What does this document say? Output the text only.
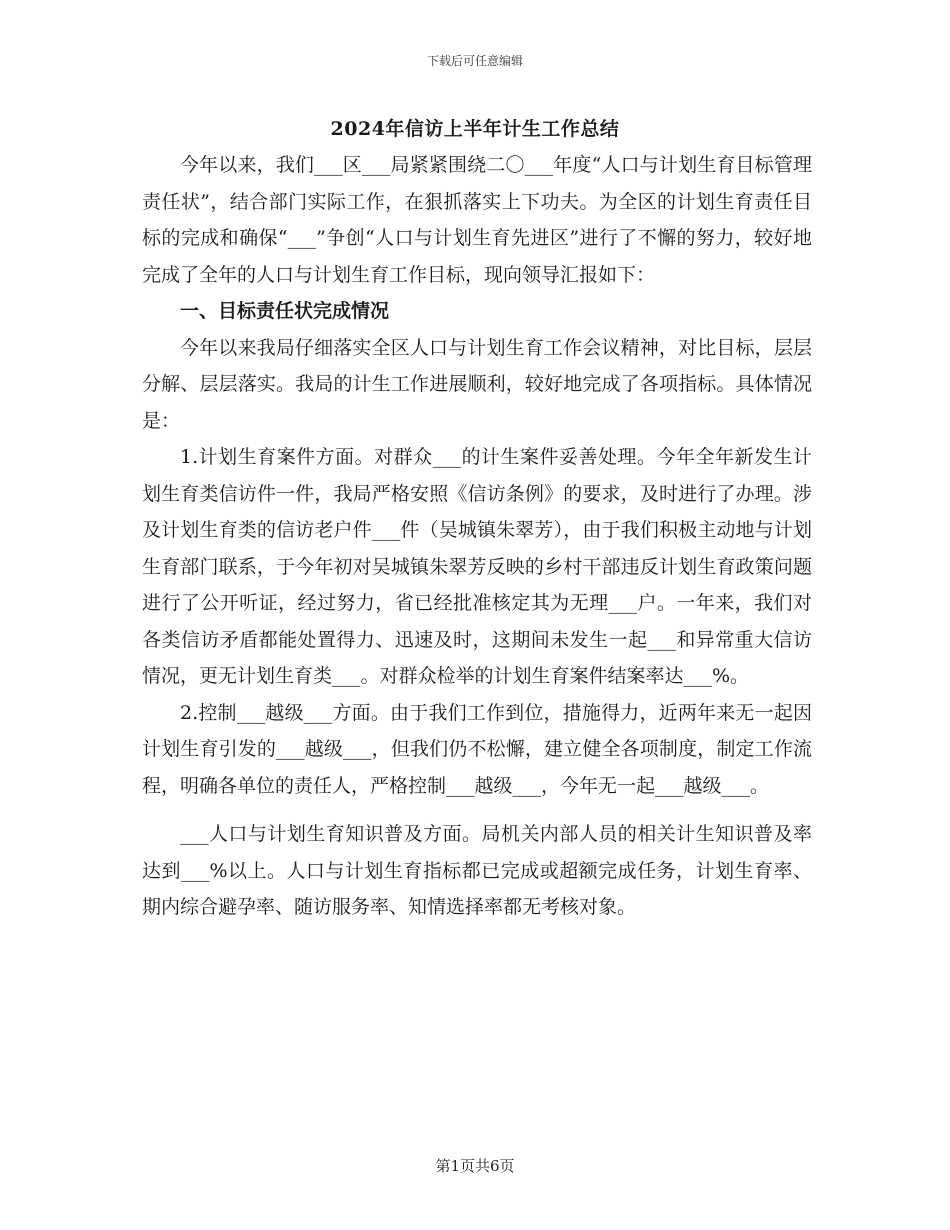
下载后可任意编辑
2024年信访上半年计生工作总结

今年以来，我们___区___局紧紧围绕二〇___年度“人口与计划生育目标管理责任状”，结合部门实际工作，在狠抓落实上下功夫。为全区的计划生育责任目标的完成和确保“___”争创“人口与计划生育先进区”进行了不懈的努力，较好地完成了全年的人口与计划生育工作目标，现向领导汇报如下：

一、目标责任状完成情况

今年以来我局仔细落实全区人口与计划生育工作会议精神，对比目标，层层分解、层层落实。我局的计生工作进展顺利，较好地完成了各项指标。具体情况是：

1.计划生育案件方面。对群众___的计生案件妥善处理。今年全年新发生计划生育类信访件一件，我局严格安照《信访条例》的要求，及时进行了办理。涉及计划生育类的信访老户件___件（吴城镇朱翠芳），由于我们积极主动地与计划生育部门联系，于今年初对吴城镇朱翠芳反映的乡村干部违反计划生育政策问题进行了公开听证，经过努力，省已经批准核定其为无理___户。一年来，我们对各类信访矛盾都能处置得力、迅速及时，这期间未发生一起___和异常重大信访情况，更无计划生育类___。对群众检举的计划生育案件结案率达___%。

2.控制___越级___方面。由于我们工作到位，措施得力，近两年来无一起因计划生育引发的___越级___，但我们仍不松懈，建立健全各项制度，制定工作流程，明确各单位的责任人，严格控制___越级___，今年无一起___越级___。

___人口与计划生育知识普及方面。局机关内部人员的相关计生知识普及率达到___%以上。人口与计划生育指标都已完成或超额完成任务，计划生育率、期内综合避孕率、随访服务率、知情选择率都无考核对象。

第1页共6页
